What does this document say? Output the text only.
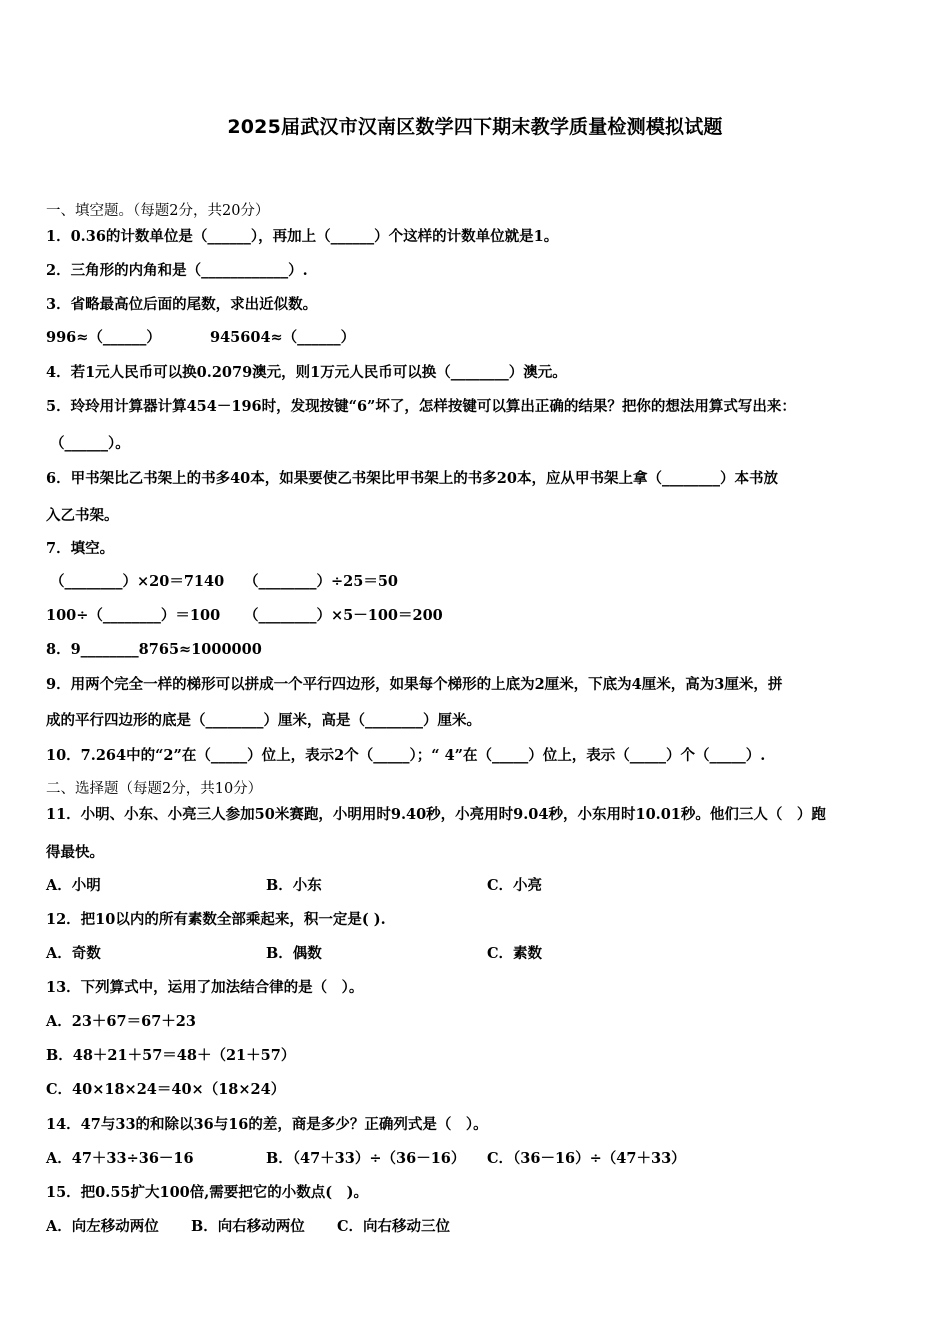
2025届武汉市汉南区数学四下期末教学质量检测模拟试题
一、填空题。（每题2分，共20分）
1．0.36的计数单位是（______），再加上（______）个这样的计数单位就是1。
2．三角形的内角和是（____________）.
3．省略最高位后面的尾数，求出近似数。
996≈（______）	945604≈（______）
4．若1元人民币可以换0.2079澳元，则1万元人民币可以换（________）澳元。
5．玲玲用计算器计算454－196时，发现按键“6”坏了，怎样按键可以算出正确的结果？把你的想法用算式写出来：
（______）。
6．甲书架比乙书架上的书多40本，如果要使乙书架比甲书架上的书多20本，应从甲书架上拿（________）本书放
入乙书架。
7．填空。
（________）×20＝7140 （________）÷25＝50
100÷（________）＝100 （________）×5－100＝200
8．9________8765≈1000000
9．用两个完全一样的梯形可以拼成一个平行四边形，如果每个梯形的上底为2厘米，下底为4厘米，高为3厘米，拼
成的平行四边形的底是（________）厘米，高是（________）厘米。
10．7.264中的“2”在（_____）位上，表示2个（_____）；“ 4”在（_____）位上，表示（_____）个（_____）.
二、选择题（每题2分，共10分）
11．小明、小东、小亮三人参加50米赛跑，小明用时9.40秒，小亮用时9.04秒，小东用时10.01秒。他们三人（　）跑
得最快。
A．小明	B．小东	C．小亮
12．把10以内的所有素数全部乘起来，积一定是( ).
A．奇数	B．偶数	C．素数
13．下列算式中，运用了加法结合律的是（　）。
A．23＋67＝67＋23
B．48＋21＋57＝48＋（21＋57）
C．40×18×24＝40×（18×24）
14．47与33的和除以36与16的差，商是多少？正确列式是（　）。
A．47＋33÷36－16	B．（47＋33）÷（36－16） C．（36－16）÷（47＋33）
15．把0.55扩大100倍,需要把它的小数点(　)。
A．向左移动两位 B．向右移动两位 C．向右移动三位
